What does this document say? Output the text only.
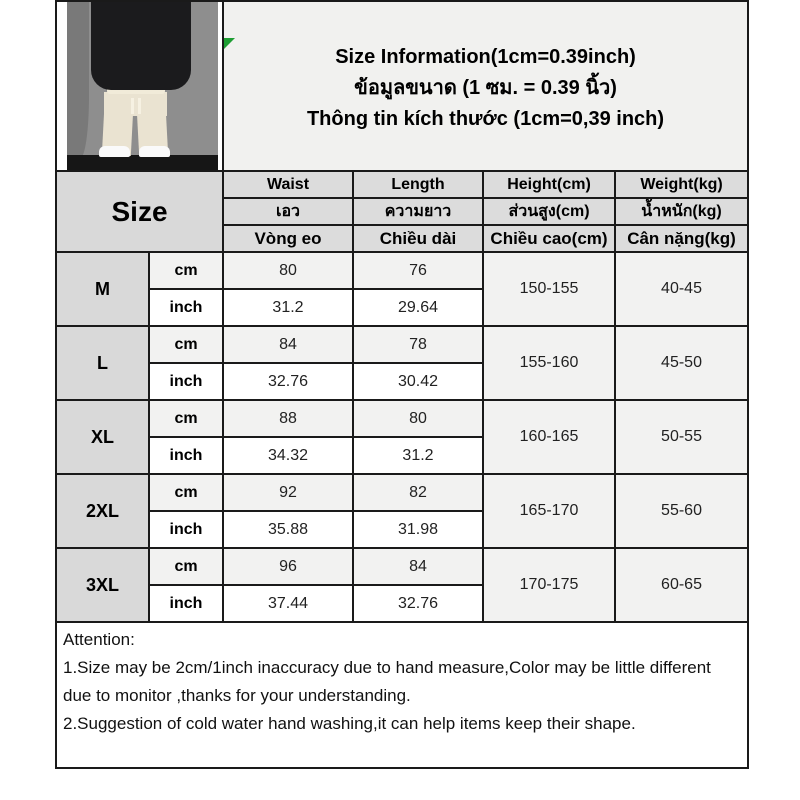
		Size Information(1cm=0.39inch)
ข้อมูลขนาด (1 ซม. = 0.39 นิ้ว)
Thông tin kích thước (1cm=0,39 inch)			

Size		Waist	Length	Height(cm)	Weight(kg)
		เอว	ความยาว	ส่วนสูง(cm)	น้ำหนัก(kg)
		Vòng eo	Chiều dài	Chiều cao(cm)	Cân nặng(kg)
M	cm	80	76	150-155	40-45
	inch	31.2	29.64		
L	cm	84	78	155-160	45-50
	inch	32.76	30.42		
XL	cm	88	80	160-165	50-55
	inch	34.32	31.2		
2XL	cm	92	82	165-170	55-60
	inch	35.88	31.98		
3XL	cm	96	84	170-175	60-65
	inch	37.44	32.76		

Attention:
1.Size may be 2cm/1inch inaccuracy due to hand measure,Color may be little different due to monitor ,thanks for your understanding.
2.Suggestion of cold water hand washing,it can help items keep their shape.					
